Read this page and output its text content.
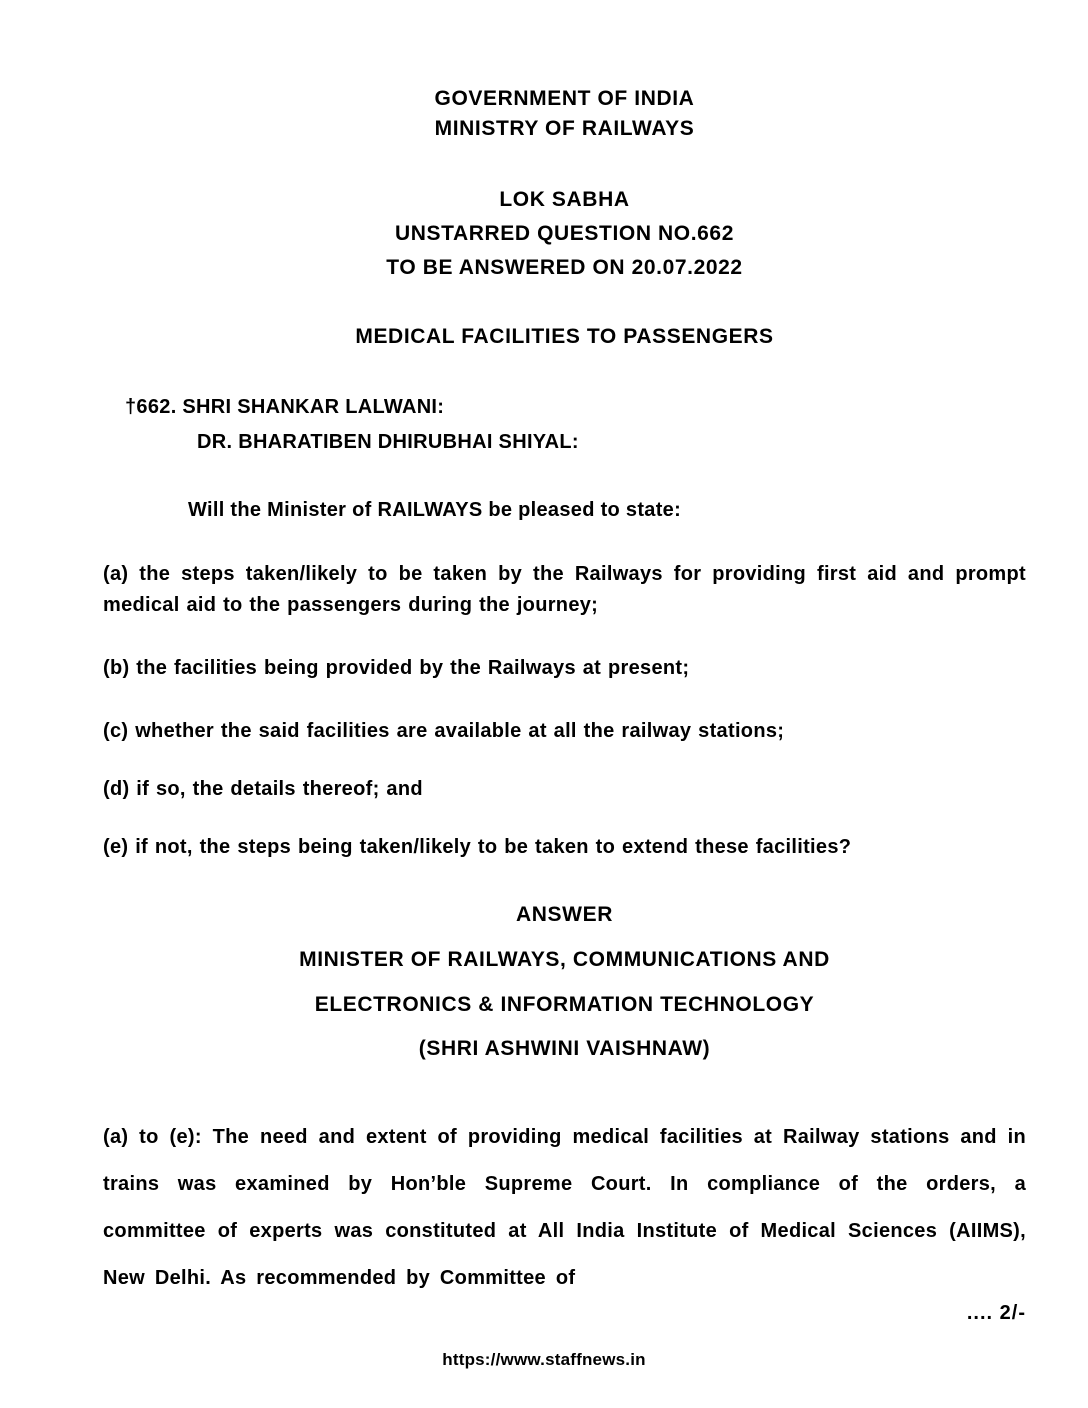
GOVERNMENT OF INDIA
MINISTRY OF RAILWAYS
LOK SABHA
UNSTARRED QUESTION NO.662
TO BE ANSWERED ON 20.07.2022
MEDICAL FACILITIES TO PASSENGERS
†662. SHRI SHANKAR LALWANI:
DR. BHARATIBEN DHIRUBHAI SHIYAL:
Will the Minister of RAILWAYS be pleased to state:
(a) the steps taken/likely to be taken by the Railways for providing first aid and prompt medical aid to the passengers during the journey;
(b) the facilities being provided by the Railways at present;
(c) whether the said facilities are available at all the railway stations;
(d) if so, the details thereof; and
(e) if not, the steps being taken/likely to be taken to extend these facilities?
ANSWER
MINISTER OF RAILWAYS, COMMUNICATIONS AND
ELECTRONICS & INFORMATION TECHNOLOGY
(SHRI ASHWINI VAISHNAW)
(a) to (e): The need and extent of providing medical facilities at Railway stations and in trains was examined by Hon’ble Supreme Court. In compliance of the orders, a committee of experts was constituted at All India Institute of Medical Sciences (AIIMS), New Delhi. As recommended by Committee of
.... 2/-
https://www.staffnews.in
